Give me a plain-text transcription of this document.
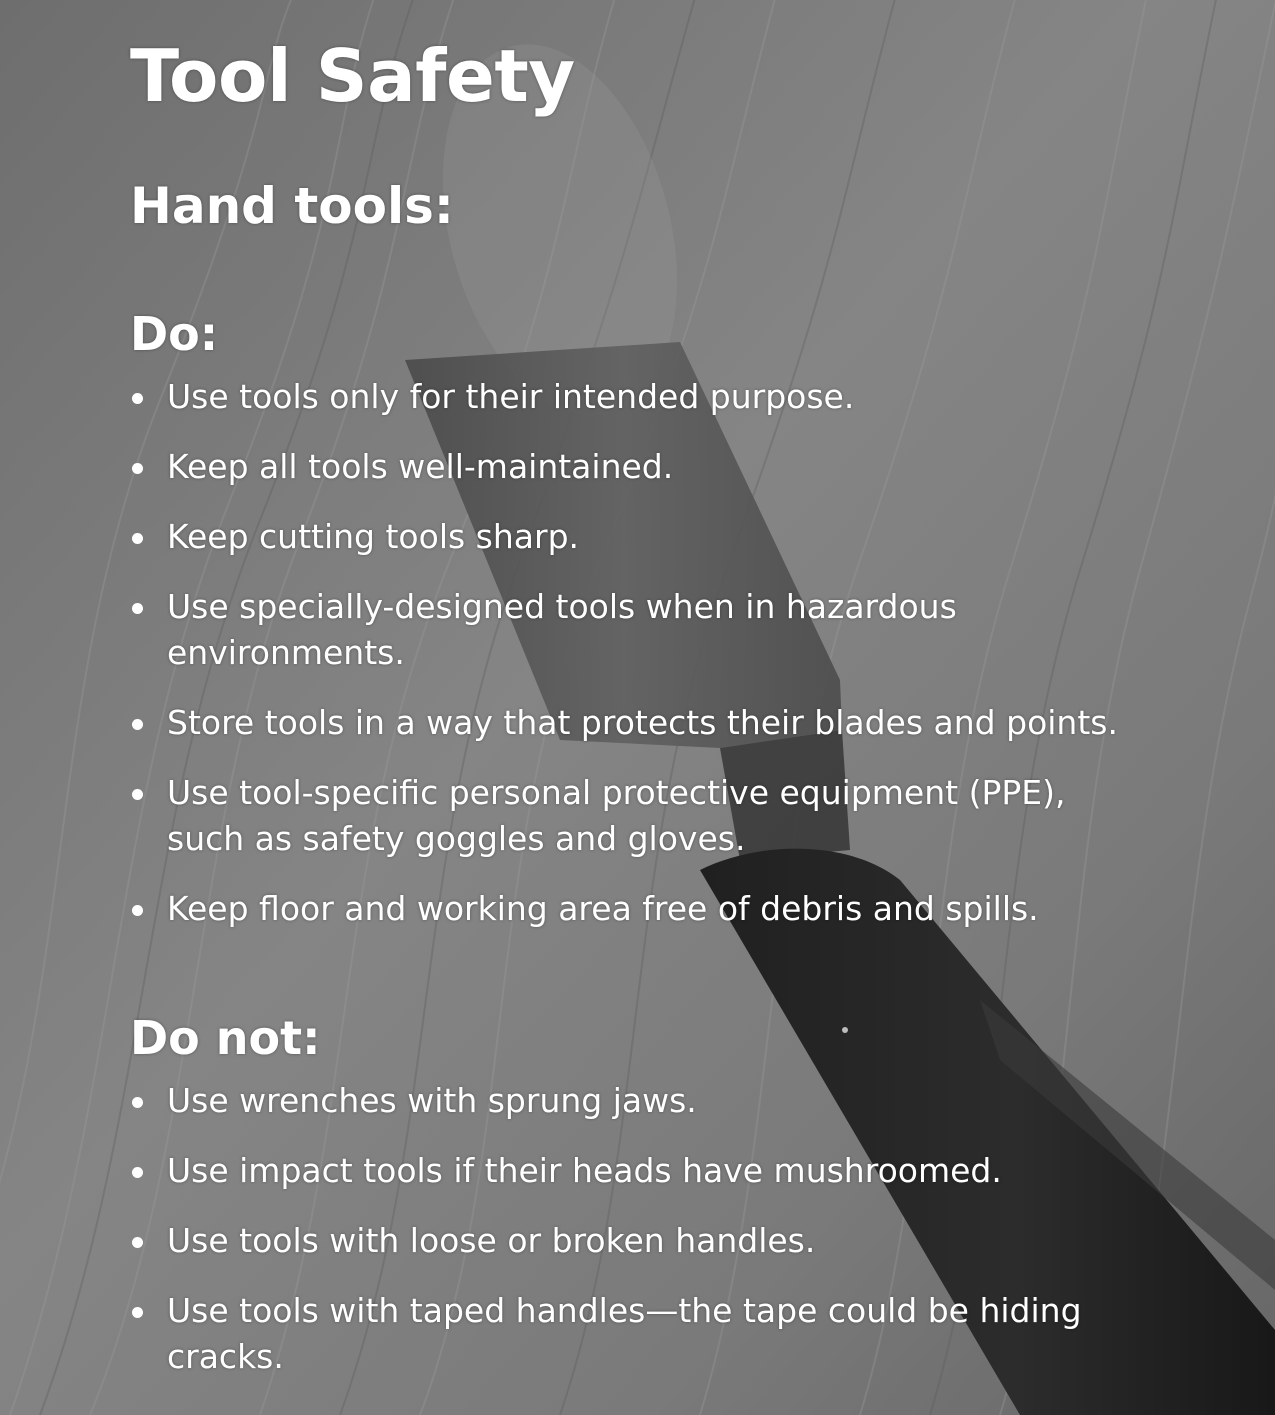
Tool Safety
Hand tools:
Do:
Use tools only for their intended purpose.
Keep all tools well-maintained.
Keep cutting tools sharp.
Use specially-designed tools when in hazardous environments.
Store tools in a way that protects their blades and points.
Use tool-specific personal protective equipment (PPE), such as safety goggles and gloves.
Keep floor and working area free of debris and spills.
Do not:
Use wrenches with sprung jaws.
Use impact tools if their heads have mushroomed.
Use tools with loose or broken handles.
Use tools with taped handles—the tape could be hiding cracks.
